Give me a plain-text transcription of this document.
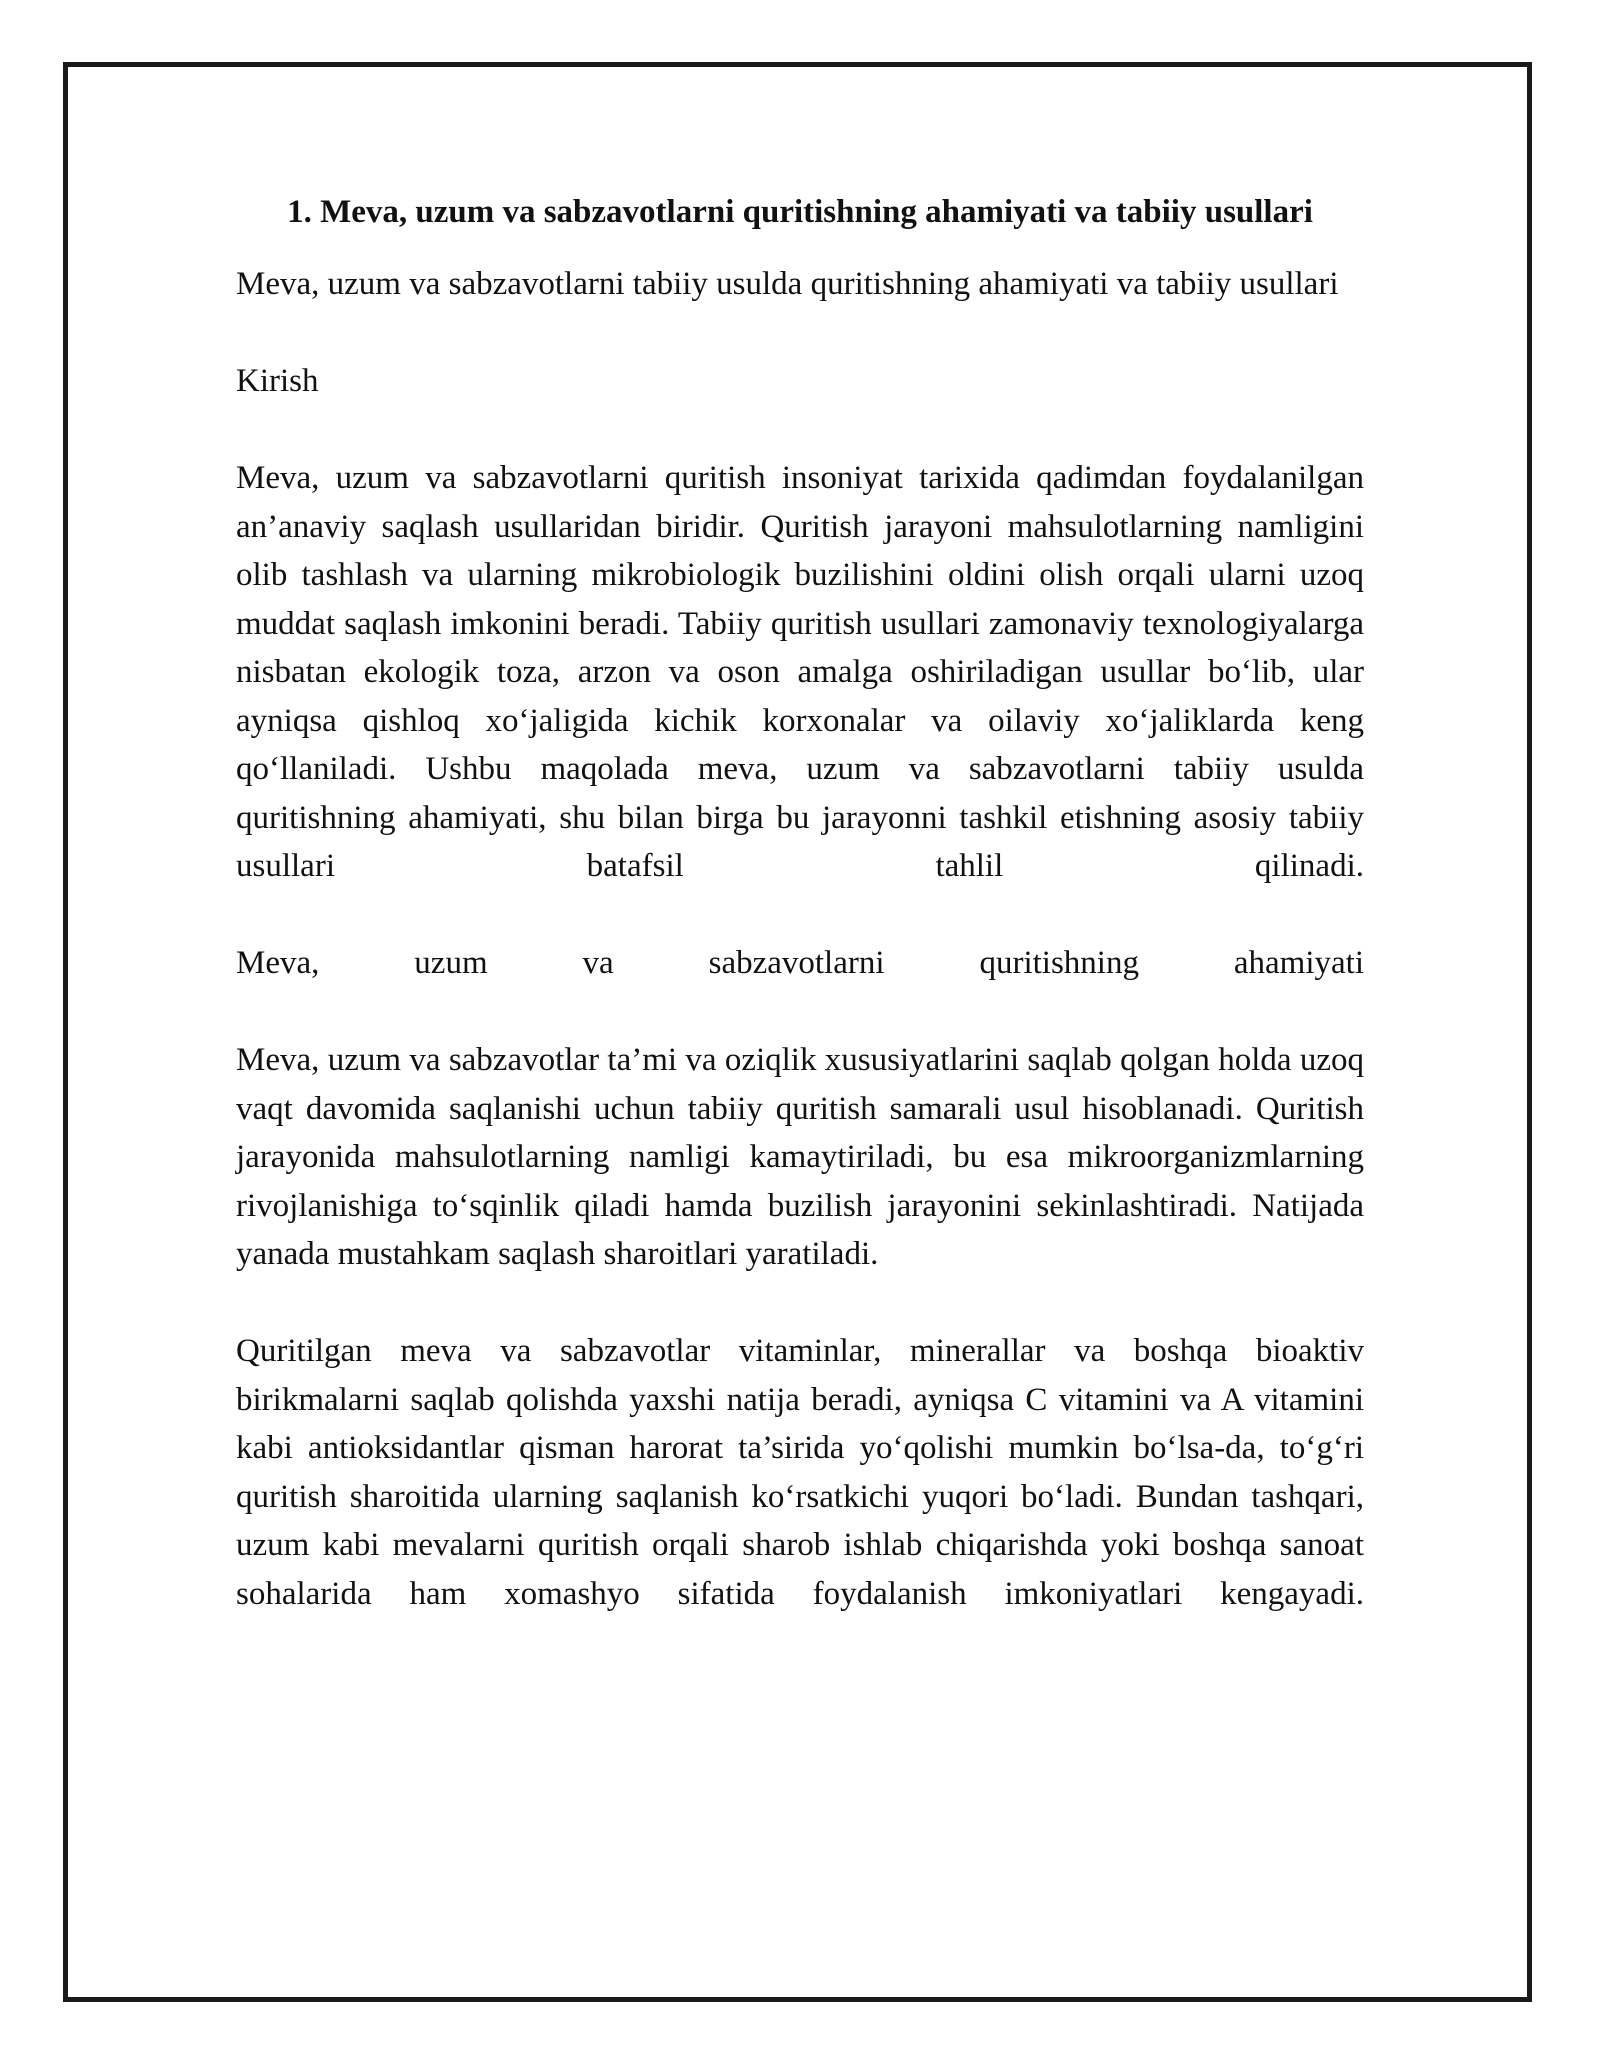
1. Meva, uzum va sabzavotlarni quritishning ahamiyati va tabiiy usullari

Meva, uzum va sabzavotlarni tabiiy usulda quritishning ahamiyati va tabiiy usullari

Kirish

Meva, uzum va sabzavotlarni quritish insoniyat tarixida qadimdan foydalanilgan an’anaviy saqlash usullaridan biridir. Quritish jarayoni mahsulotlarning namligini olib tashlash va ularning mikrobiologik buzilishini oldini olish orqali ularni uzoq muddat saqlash imkonini beradi. Tabiiy quritish usullari zamonaviy texnologiyalarga nisbatan ekologik toza, arzon va oson amalga oshiriladigan usullar bo‘lib, ular ayniqsa qishloq xo‘jaligida kichik korxonalar va oilaviy xo‘jaliklarda keng qo‘llaniladi. Ushbu maqolada meva, uzum va sabzavotlarni tabiiy usulda quritishning ahamiyati, shu bilan birga bu jarayonni tashkil etishning asosiy tabiiy usullari batafsil tahlil qilinadi.

Meva, uzum va sabzavotlarni quritishning ahamiyati

Meva, uzum va sabzavotlar ta’mi va oziqlik xususiyatlarini saqlab qolgan holda uzoq vaqt davomida saqlanishi uchun tabiiy quritish samarali usul hisoblanadi. Quritish jarayonida mahsulotlarning namligi kamaytiriladi, bu esa mikroorganizmlarning rivojlanishiga to‘sqinlik qiladi hamda buzilish jarayonini sekinlashtiradi. Natijada yanada mustahkam saqlash sharoitlari yaratiladi.

Quritilgan meva va sabzavotlar vitaminlar, minerallar va boshqa bioaktiv birikmalarni saqlab qolishda yaxshi natija beradi, ayniqsa C vitamini va A vitamini kabi antioksidantlar qisman harorat ta’sirida yo‘qolishi mumkin bo‘lsa-da, to‘g‘ri quritish sharoitida ularning saqlanish ko‘rsatkichi yuqori bo‘ladi. Bundan tashqari, uzum kabi mevalarni quritish orqali sharob ishlab chiqarishda yoki boshqa sanoat sohalarida ham xomashyo sifatida foydalanish imkoniyatlari kengayadi.
